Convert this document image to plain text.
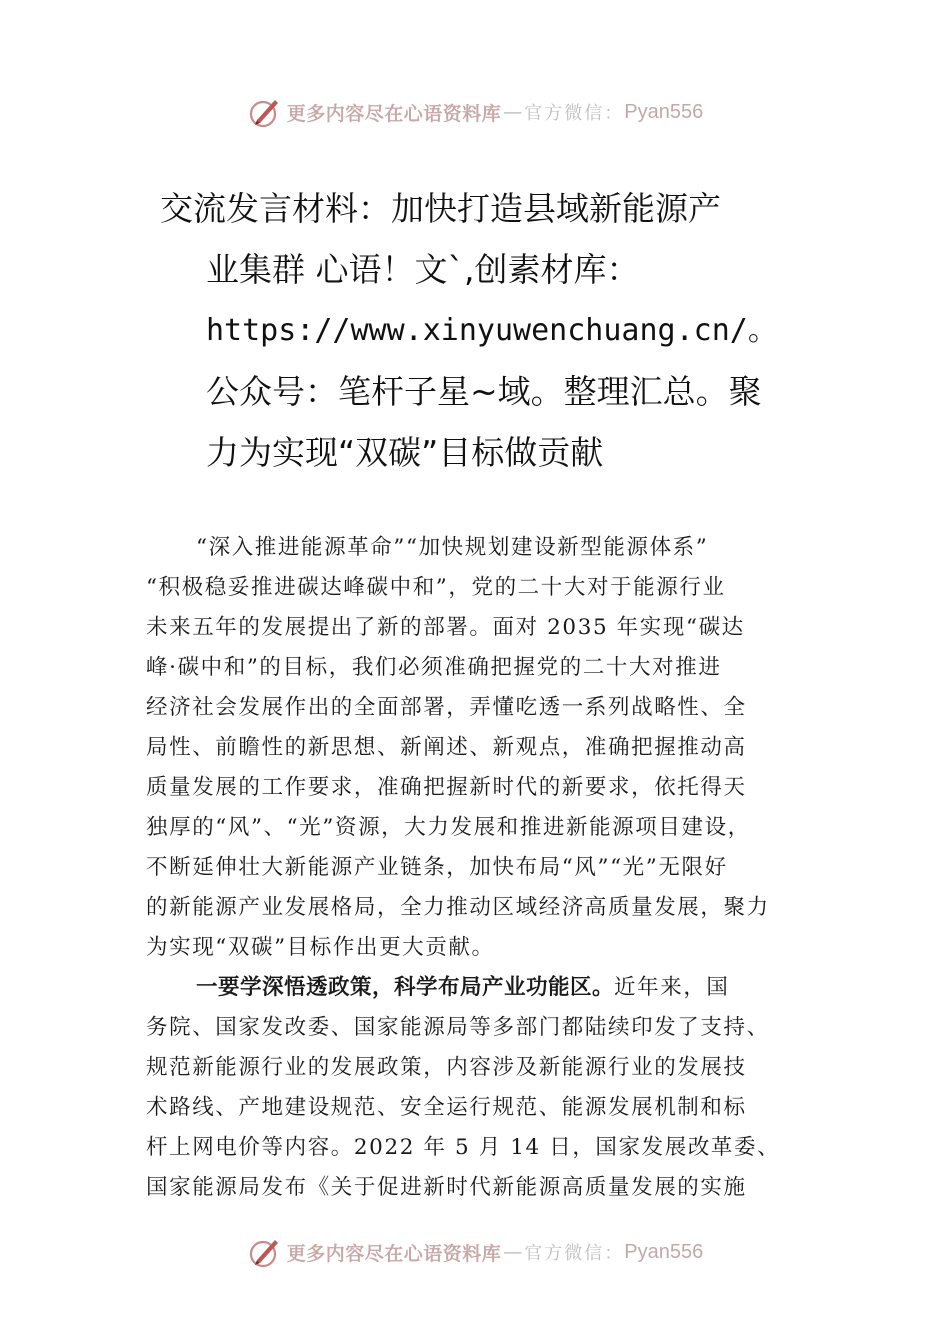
更多内容尽在心语资料库 — 官方微信： Pyan556
交流发言材料：加快打造县域新能源产
业集群 心语！文`,创素材库：
https://www.xinyuwenchuang.cn/。
公众号：笔杆子星~域。整理汇总。聚
力为实现“双碳”目标做贡献
“深入推进能源革命”“加快规划建设新型能源体系”
“积极稳妥推进碳达峰碳中和”，党的二十大对于能源行业
未来五年的发展提出了新的部署。面对 2035 年实现“碳达
峰·碳中和”的目标，我们必须准确把握党的二十大对推进
经济社会发展作出的全面部署，弄懂吃透一系列战略性、全
局性、前瞻性的新思想、新阐述、新观点，准确把握推动高
质量发展的工作要求，准确把握新时代的新要求，依托得天
独厚的“风”、“光”资源，大力发展和推进新能源项目建设，
不断延伸壮大新能源产业链条，加快布局“风”“光”无限好
的新能源产业发展格局，全力推动区域经济高质量发展，聚力
为实现“双碳”目标作出更大贡献。
一要学深悟透政策，科学布局产业功能区。近年来，国
务院、国家发改委、国家能源局等多部门都陆续印发了支持、
规范新能源行业的发展政策，内容涉及新能源行业的发展技
术路线、产地建设规范、安全运行规范、能源发展机制和标
杆上网电价等内容。2022 年 5 月 14 日，国家发展改革委、
国家能源局发布《关于促进新时代新能源高质量发展的实施
更多内容尽在心语资料库 — 官方微信： Pyan556
